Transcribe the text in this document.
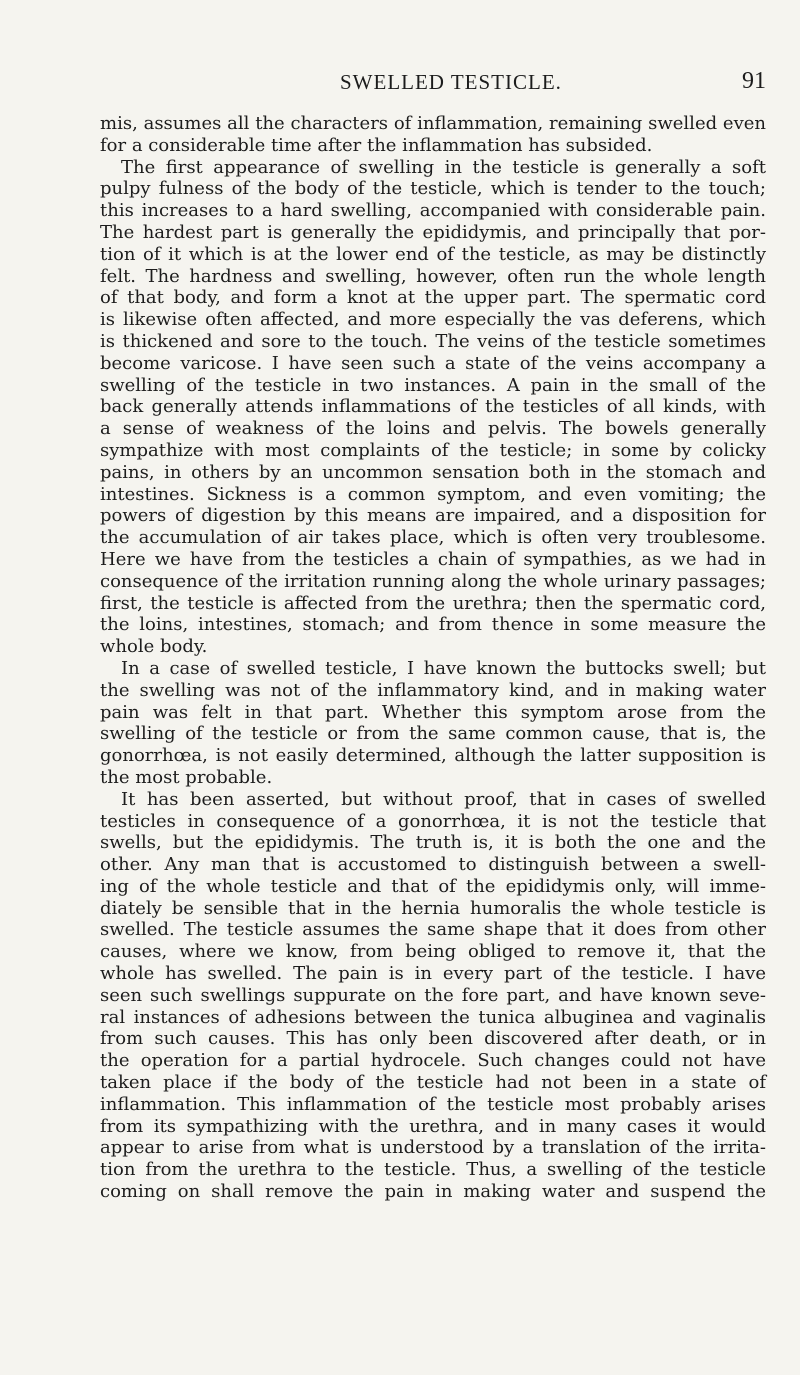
SWELLED TESTICLE.	91

mis, assumes all the characters of inflammation, remaining swelled even

for a considerable time after the inflammation has subsided.

The first appearance of swelling in the testicle is generally a soft

pulpy fulness of the body of the testicle, which is tender to the touch;

this increases to a hard swelling, accompanied with considerable pain.

The hardest part is generally the epididymis, and principally that por-

tion of it which is at the lower end of the testicle, as may be distinctly

felt. The hardness and swelling, however, often run the whole length

of that body, and form a knot at the upper part. The spermatic cord

is likewise often affected, and more especially the vas deferens, which

is thickened and sore to the touch. The veins of the testicle sometimes

become varicose. I have seen such a state of the veins accompany a

swelling of the testicle in two instances. A pain in the small of the

back generally attends inflammations of the testicles of all kinds, with

a sense of weakness of the loins and pelvis. The bowels generally

sympathize with most complaints of the testicle; in some by colicky

pains, in others by an uncommon sensation both in the stomach and

intestines. Sickness is a common symptom, and even vomiting; the

powers of digestion by this means are impaired, and a disposition for

the accumulation of air takes place, which is often very troublesome.

Here we have from the testicles a chain of sympathies, as we had in

consequence of the irritation running along the whole urinary passages;

first, the testicle is affected from the urethra; then the spermatic cord,

the loins, intestines, stomach; and from thence in some measure the

whole body.

In a case of swelled testicle, I have known the buttocks swell; but

the swelling was not of the inflammatory kind, and in making water

pain was felt in that part. Whether this symptom arose from the

swelling of the testicle or from the same common cause, that is, the

gonorrhœa, is not easily determined, although the latter supposition is

the most probable.

It has been asserted, but without proof, that in cases of swelled

testicles in consequence of a gonorrhœa, it is not the testicle that

swells, but the epididymis. The truth is, it is both the one and the

other. Any man that is accustomed to distinguish between a swell-

ing of the whole testicle and that of the epididymis only, will imme-

diately be sensible that in the hernia humoralis the whole testicle is

swelled. The testicle assumes the same shape that it does from other

causes, where we know, from being obliged to remove it, that the

whole has swelled. The pain is in every part of the testicle. I have

seen such swellings suppurate on the fore part, and have known seve-

ral instances of adhesions between the tunica albuginea and vaginalis

from such causes. This has only been discovered after death, or in

the operation for a partial hydrocele. Such changes could not have

taken place if the body of the testicle had not been in a state of

inflammation. This inflammation of the testicle most probably arises

from its sympathizing with the urethra, and in many cases it would

appear to arise from what is understood by a translation of the irrita-

tion from the urethra to the testicle. Thus, a swelling of the testicle

coming on shall remove the pain in making water and suspend the
